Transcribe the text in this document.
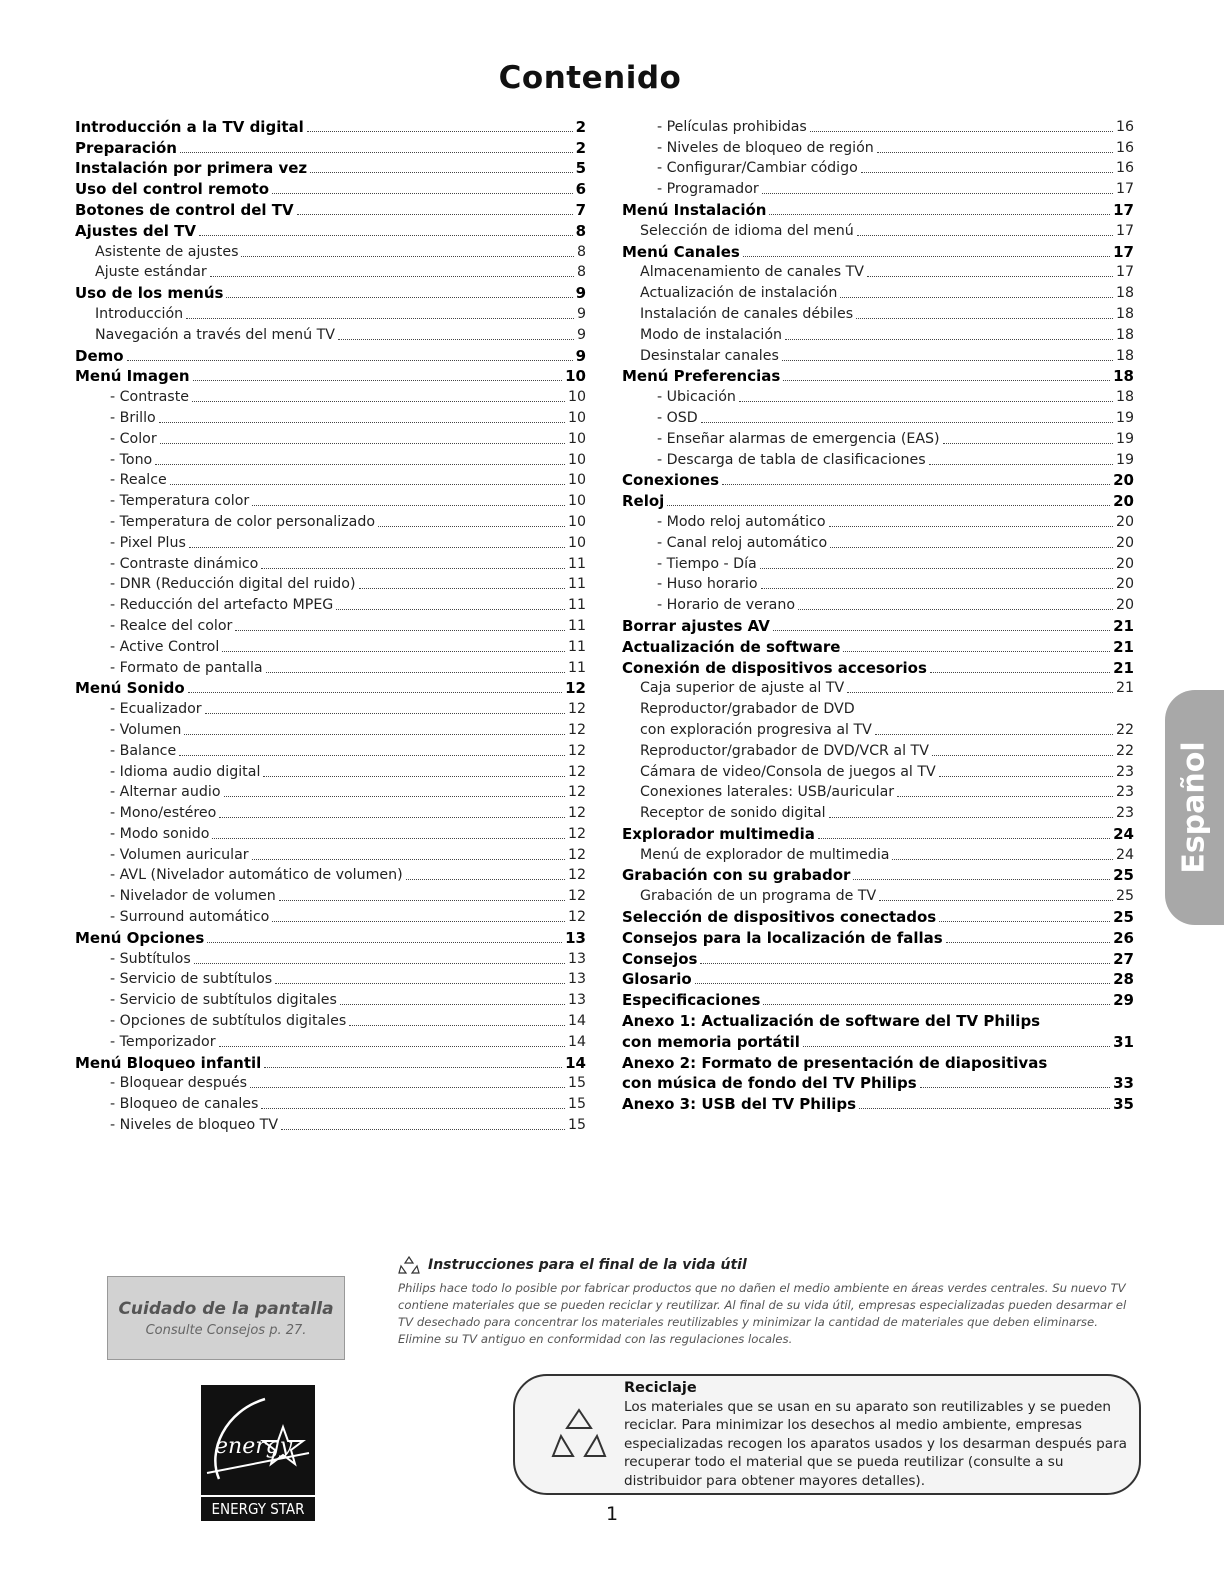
Contenido
Introducción a la TV digital	2
Preparación	2
Instalación por primera vez	5
Uso del control remoto	6
Botones de control del TV	7
Ajustes del TV	8
Asistente de ajustes	8
Ajuste estándar	8
Uso de los menús	9
Introducción	9
Navegación a través del menú TV	9
Demo	9
Menú Imagen	10
- Contraste	10
- Brillo	10
- Color	10
- Tono	10
- Realce	10
- Temperatura color	10
- Temperatura de color personalizado	10
- Pixel Plus	10
- Contraste dinámico	11
- DNR (Reducción digital del ruido)	11
- Reducción del artefacto MPEG	11
- Realce del color	11
- Active Control	11
- Formato de pantalla	11
Menú Sonido	12
- Ecualizador	12
- Volumen	12
- Balance	12
- Idioma audio digital	12
- Alternar audio	12
- Mono/estéreo	12
- Modo sonido	12
- Volumen auricular	12
- AVL (Nivelador automático de volumen)	12
- Nivelador de volumen	12
- Surround automático	12
Menú Opciones	13
- Subtítulos	13
- Servicio de subtítulos	13
- Servicio de subtítulos digitales	13
- Opciones de subtítulos digitales	14
- Temporizador	14
Menú Bloqueo infantil	14
- Bloquear después	15
- Bloqueo de canales	15
- Niveles de bloqueo TV	15
- Películas prohibidas	16
- Niveles de bloqueo de región	16
- Configurar/Cambiar código	16
- Programador	17
Menú Instalación	17
Selección de idioma del menú	17
Menú Canales	17
Almacenamiento de canales TV	17
Actualización de instalación	18
Instalación de canales débiles	18
Modo de instalación	18
Desinstalar canales	18
Menú Preferencias	18
- Ubicación	18
- OSD	19
- Enseñar alarmas de emergencia (EAS)	19
- Descarga de tabla de clasificaciones	19
Conexiones	20
Reloj	20
- Modo reloj automático	20
- Canal reloj automático	20
- Tiempo - Día	20
- Huso horario	20
- Horario de verano	20
Borrar ajustes AV	21
Actualización de software	21
Conexión de dispositivos accesorios	21
Caja superior de ajuste al TV	21
Reproductor/grabador de DVD
con exploración progresiva al TV	22
Reproductor/grabador de DVD/VCR al TV	22
Cámara de video/Consola de juegos al TV	23
Conexiones laterales: USB/auricular	23
Receptor de sonido digital	23
Explorador multimedia	24
Menú de explorador de multimedia	24
Grabación con su grabador	25
Grabación de un programa de TV	25
Selección de dispositivos conectados	25
Consejos para la localización de fallas	26
Consejos	27
Glosario	28
Especificaciones	29
Anexo 1: Actualización de software del TV Philips
con memoria portátil	31
Anexo 2: Formato de presentación de diapositivas
con música de fondo del TV Philips	33
Anexo 3: USB del TV Philips	35
Español
Cuidado de la pantalla
Consulte Consejos p. 27.
energy
ENERGY STAR
Instrucciones para el final de la vida útil
Philips hace todo lo posible por fabricar productos que no dañen el medio ambiente en áreas verdes centrales. Su nuevo TV contiene materiales que se pueden reciclar y reutilizar. Al final de su vida útil, empresas especializadas pueden desarmar el TV desechado para concentrar los materiales reutilizables y minimizar la cantidad de materiales que deben eliminarse. Elimine su TV antiguo en conformidad con las regulaciones locales.
Reciclaje
Los materiales que se usan en su aparato son reutilizables y se pueden reciclar. Para minimizar los desechos al medio ambiente, empresas especializadas recogen los aparatos usados y los desarman después para recuperar todo el material que se pueda reutilizar (consulte a su distribuidor para obtener mayores detalles).
1
